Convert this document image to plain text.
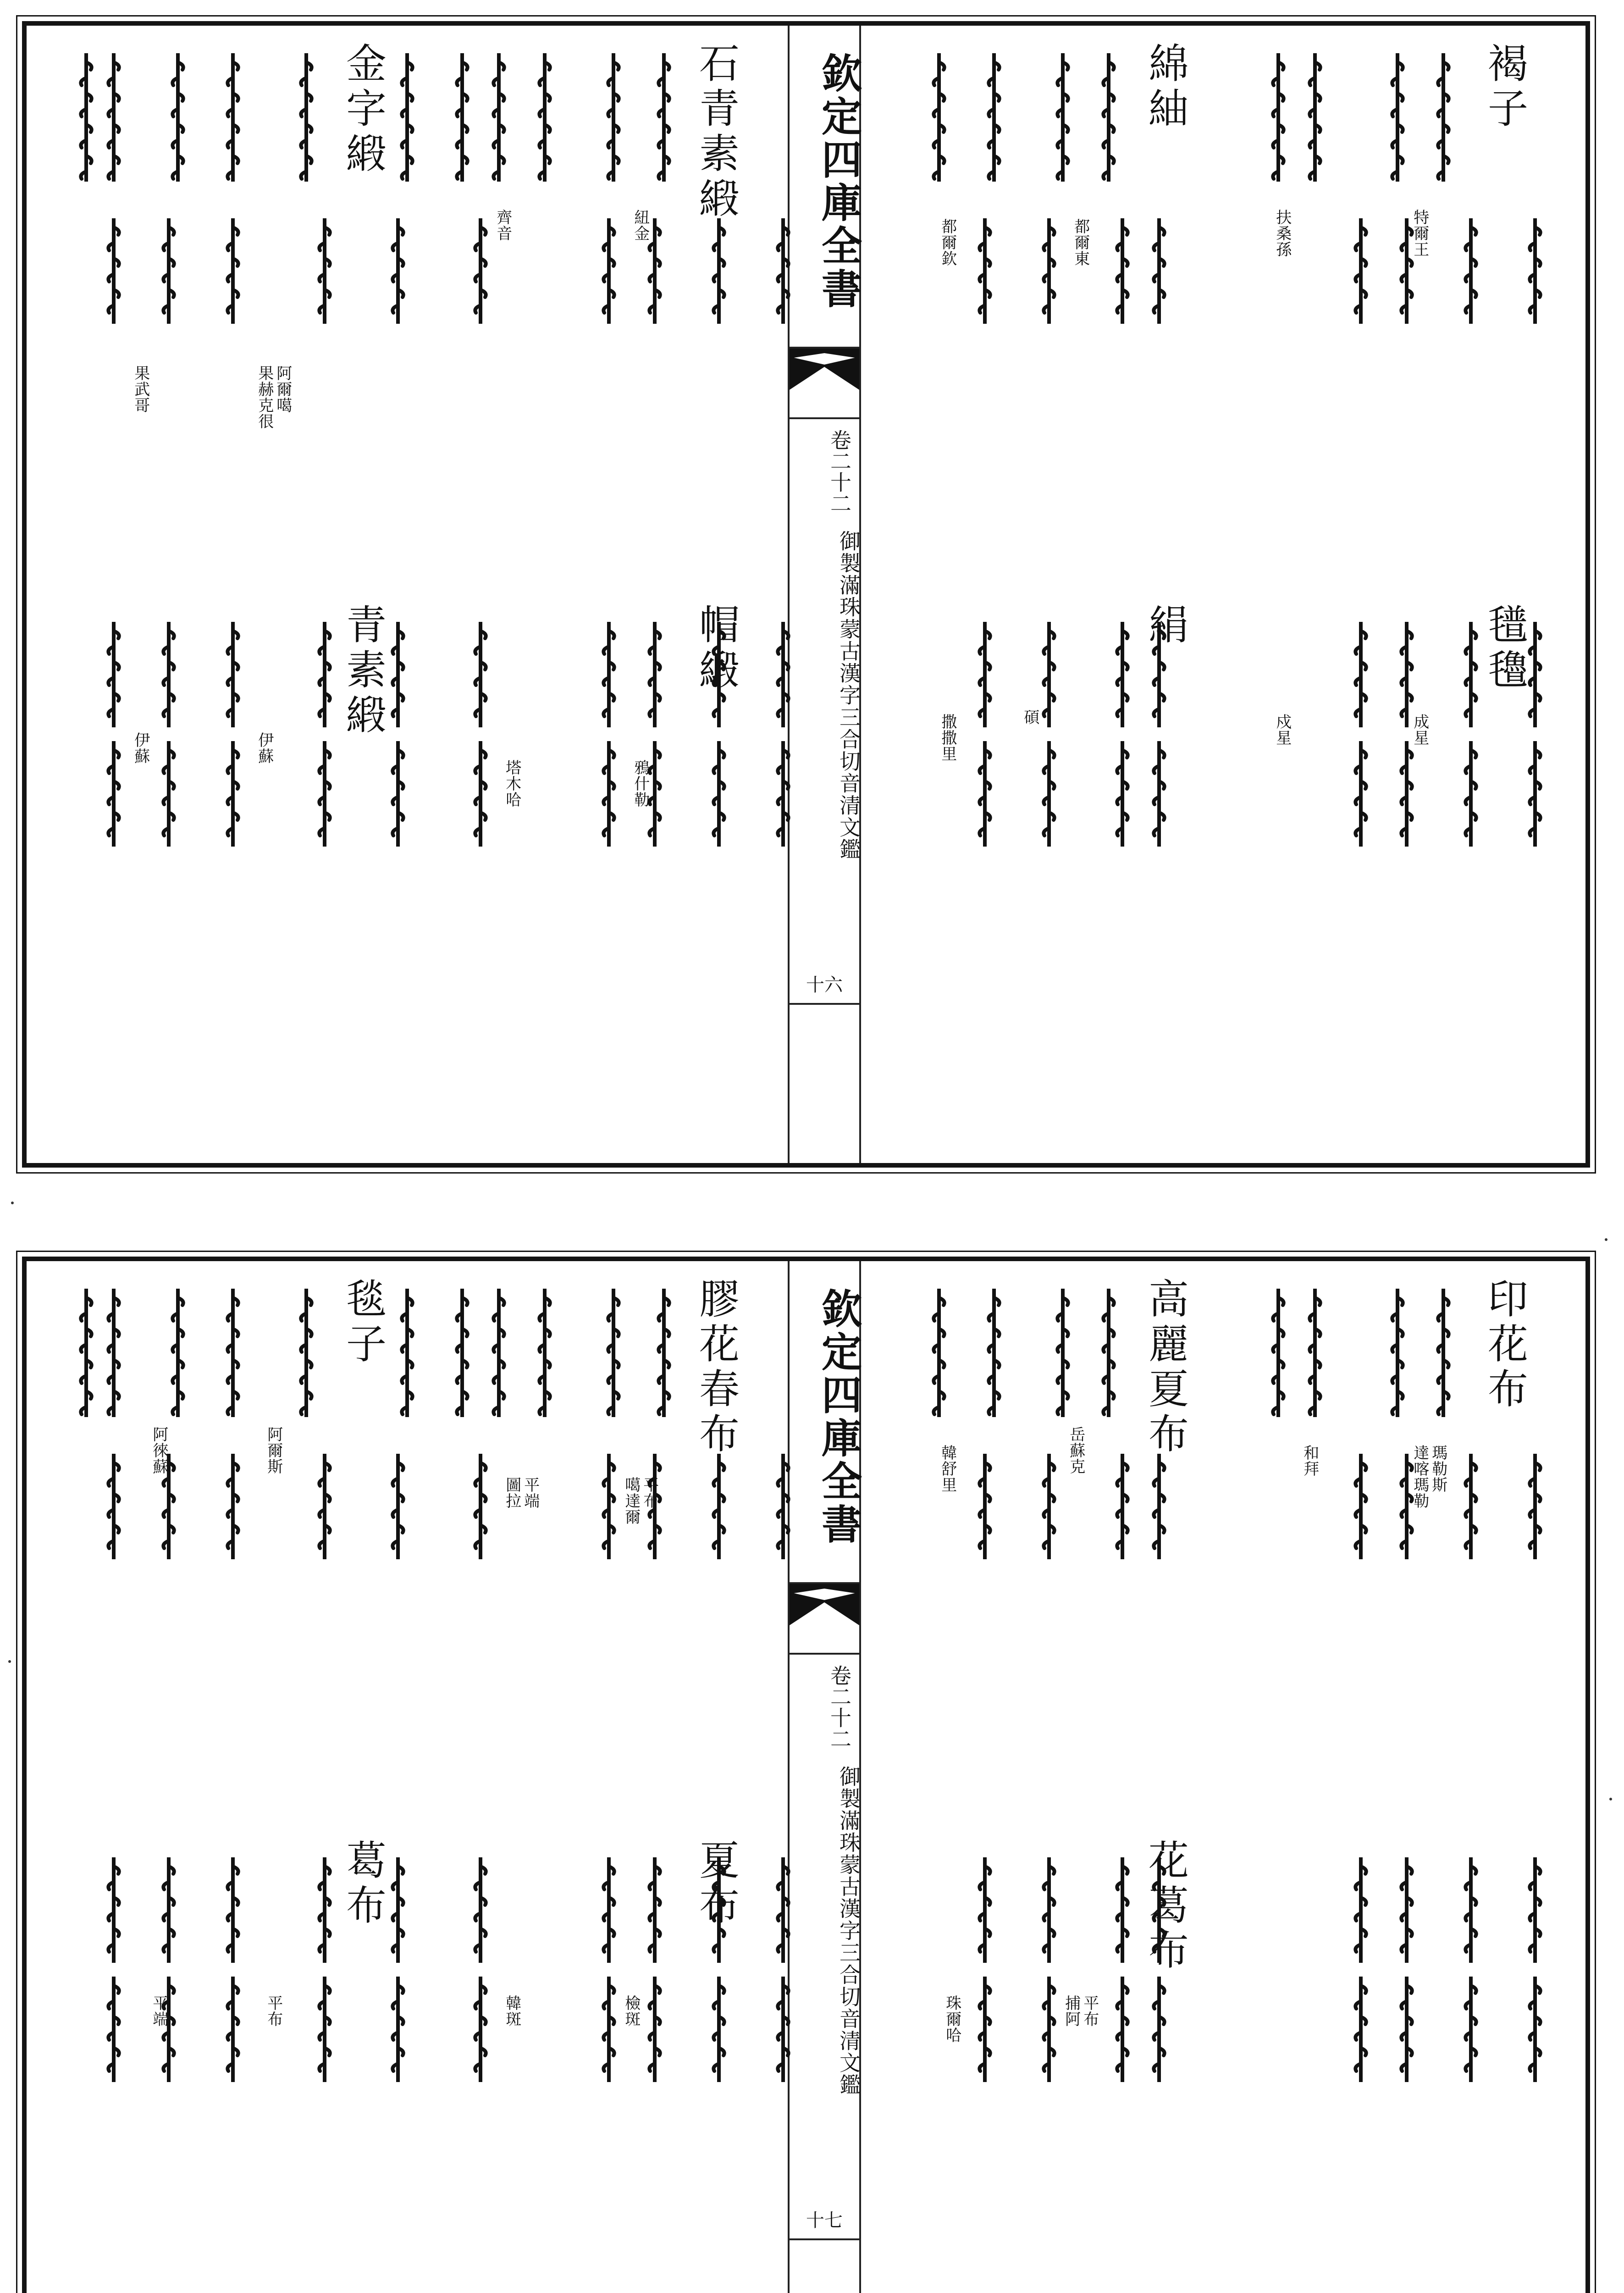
欽定四庫全書
御製滿珠蒙古漢字三合切音清文鑑
卷二十二
十六
褐子
特爾王
扶桑孫
綿紬
都爾東
都爾欽
氆氌
成星
戍星
絹
碩
撒撒里
石青素緞
紐金
齊音
金字緞
果赫克很
果武哥	阿爾噶
帽緞
鴉什勒
塔木哈
青素緞
伊蘇
伊蘇
欽定四庫全書
御製滿珠蒙古漢字三合切音清文鑑
卷二十二
十七
印花布
達喀瑪勒 瑪勒斯
和拜
高麗夏布
岳蘇克
韓舒里
花葛布
捕阿 平布
珠爾哈
膠花春布
噶達爾 平布
圖拉 平端
毯子
阿爾斯
阿徠蘇
夏布
檢斑
韓斑
葛布
平布
平端
